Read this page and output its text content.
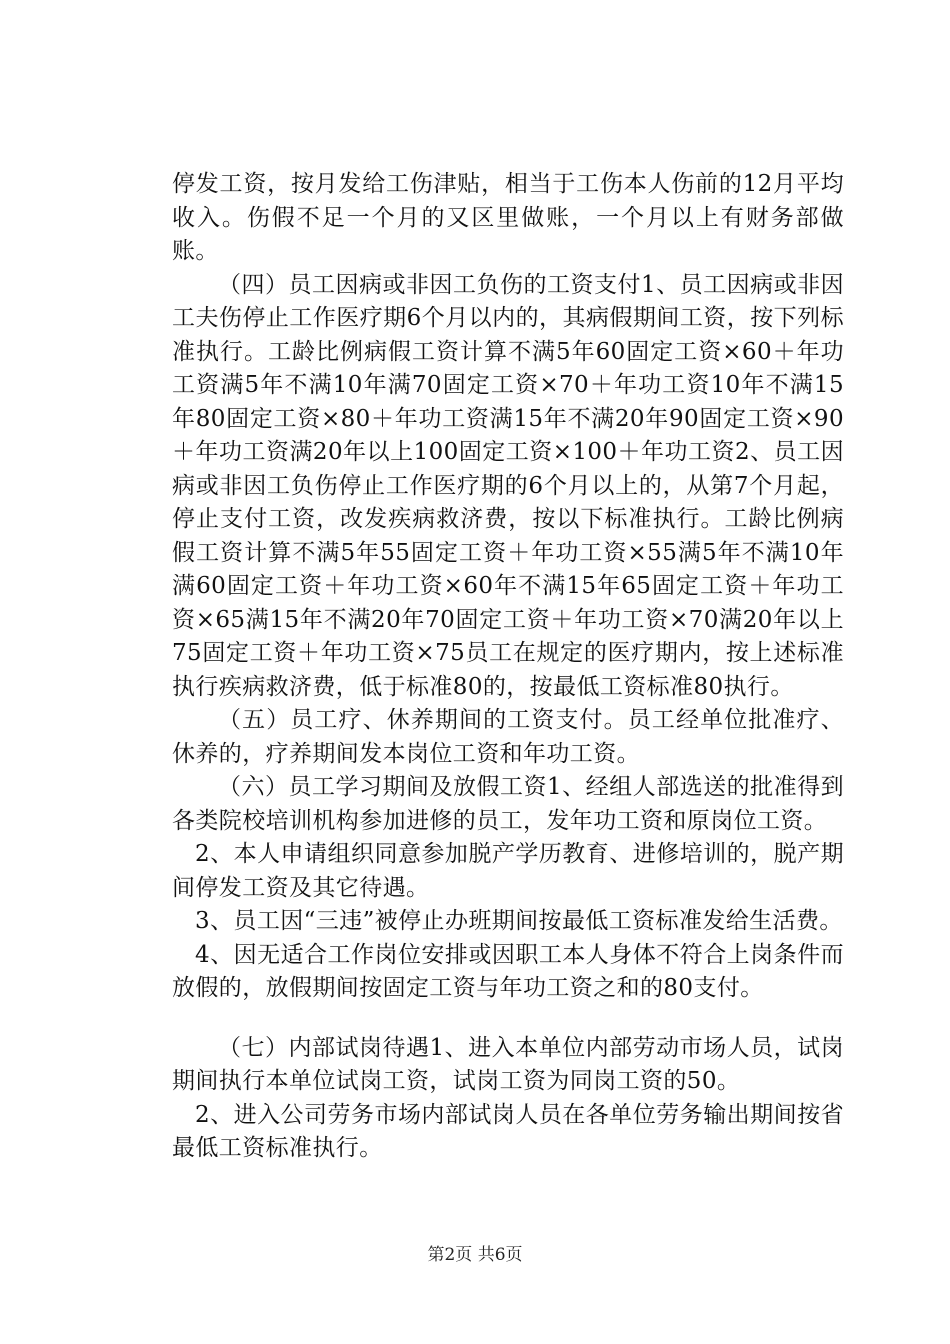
停发工资，按月发给工伤津贴，相当于工伤本人伤前的12月平均收入。伤假不足一个月的又区里做账，一个月以上有财务部做账。

（四）员工因病或非因工负伤的工资支付1、员工因病或非因工夫伤停止工作医疗期6个月以内的，其病假期间工资，按下列标准执行。工龄比例病假工资计算不满5年60固定工资×60＋年功工资满5年不满10年满70固定工资×70＋年功工资10年不满15年80固定工资×80＋年功工资满15年不满20年90固定工资×90＋年功工资满20年以上100固定工资×100＋年功工资2、员工因病或非因工负伤停止工作医疗期的6个月以上的，从第7个月起，停止支付工资，改发疾病救济费，按以下标准执行。工龄比例病假工资计算不满5年55固定工资＋年功工资×55满5年不满10年满60固定工资＋年功工资×60年不满15年65固定工资＋年功工资×65满15年不满20年70固定工资＋年功工资×70满20年以上75固定工资＋年功工资×75员工在规定的医疗期内，按上述标准执行疾病救济费，低于标准80的，按最低工资标准80执行。

（五）员工疗、休养期间的工资支付。员工经单位批准疗、休养的，疗养期间发本岗位工资和年功工资。

（六）员工学习期间及放假工资1、经组人部选送的批准得到各类院校培训机构参加进修的员工，发年功工资和原岗位工资。

2、本人申请组织同意参加脱产学历教育、进修培训的，脱产期间停发工资及其它待遇。

3、员工因“三违”被停止办班期间按最低工资标准发给生活费。

4、因无适合工作岗位安排或因职工本人身体不符合上岗条件而放假的，放假期间按固定工资与年功工资之和的80支付。

（七）内部试岗待遇1、进入本单位内部劳动市场人员，试岗期间执行本单位试岗工资，试岗工资为同岗工资的50。

2、进入公司劳务市场内部试岗人员在各单位劳务输出期间按省最低工资标准执行。

第2页 共6页
